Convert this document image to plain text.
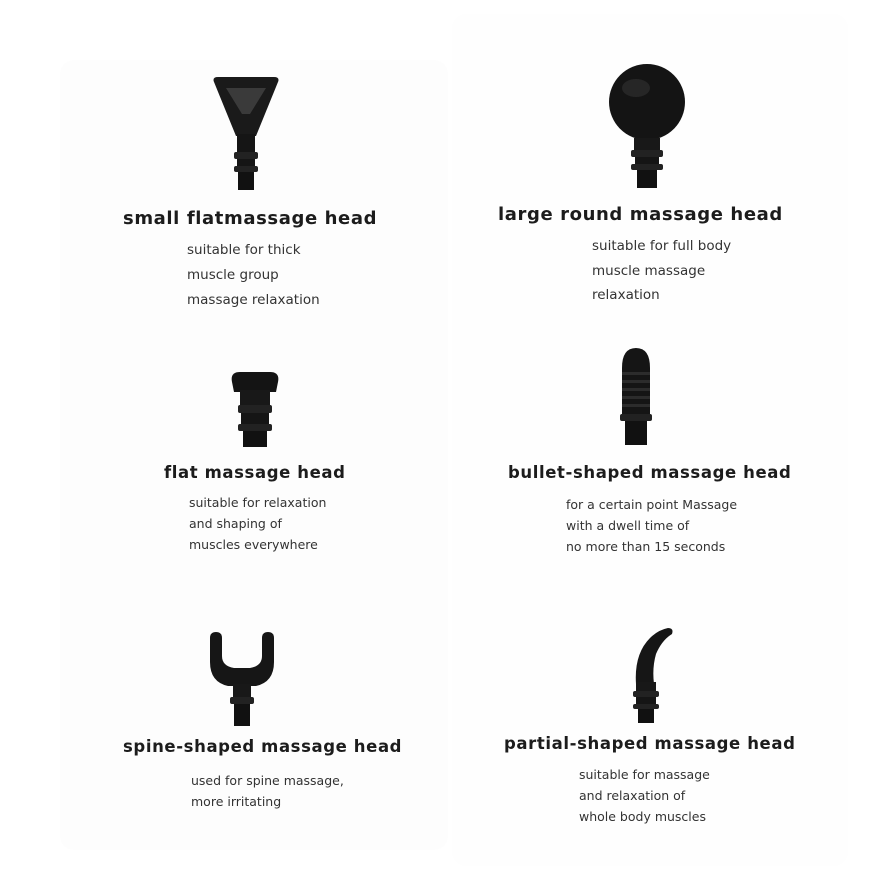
small flatmassage head
suitable for thick
muscle group
massage relaxation
large round massage head
suitable for full body
muscle massage
relaxation
flat massage head
suitable for relaxation
and shaping of
muscles everywhere
bullet-shaped massage head
for a certain point Massage
with a dwell time of
no more than 15 seconds
spine-shaped massage head
used for spine massage,
more irritating
partial-shaped massage head
suitable for massage
and relaxation of
whole body muscles
